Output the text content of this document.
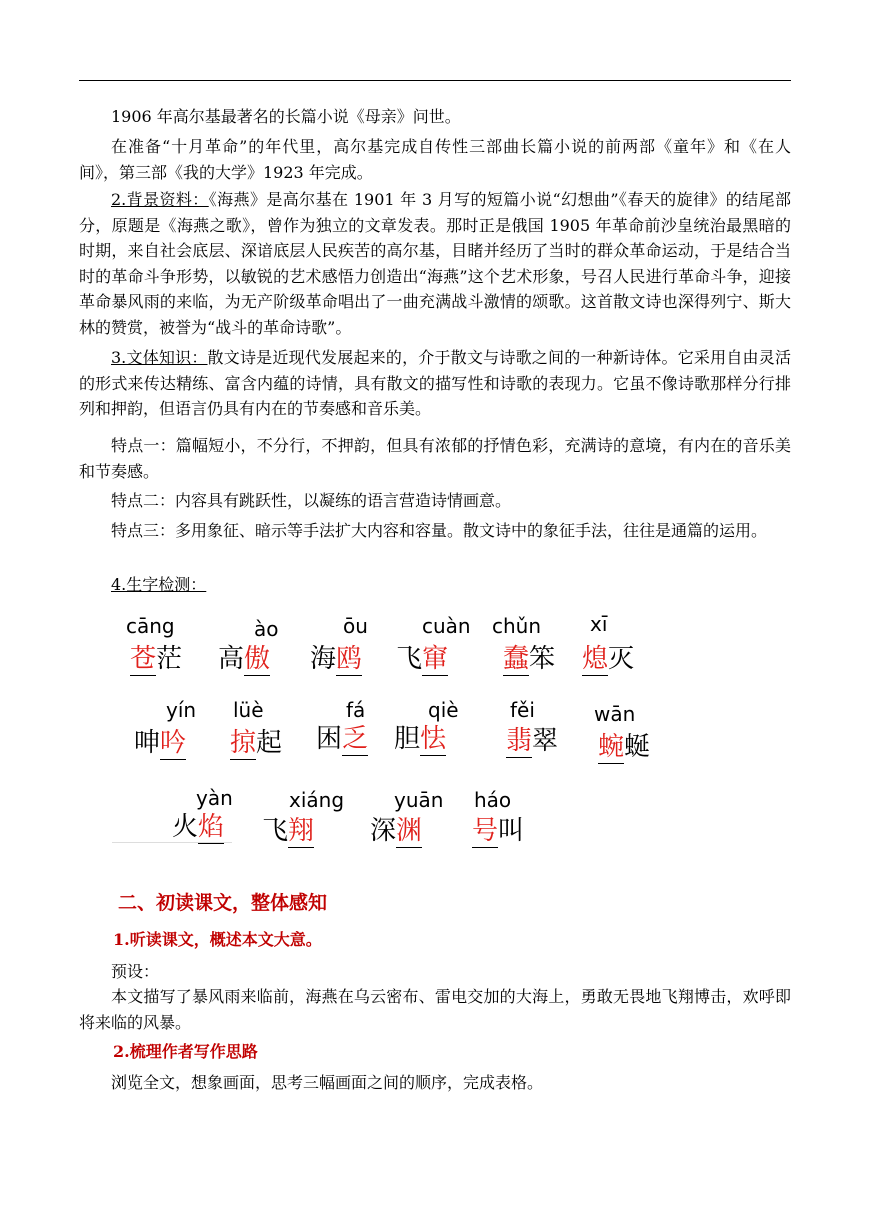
1906 年高尔基最著名的长篇小说《母亲》问世。

在准备“十月革命”的年代里，高尔基完成自传性三部曲长篇小说的前两部《童年》和《在人间》，第三部《我的大学》1923 年完成。

2.背景资料：《海燕》是高尔基在 1901 年 3 月写的短篇小说“幻想曲”《春天的旋律》的结尾部分，原题是《海燕之歌》，曾作为独立的文章发表。那时正是俄国 1905 年革命前沙皇统治最黑暗的时期，来自社会底层、深谙底层人民疾苦的高尔基，目睹并经历了当时的群众革命运动，于是结合当时的革命斗争形势，以敏锐的艺术感悟力创造出“海燕”这个艺术形象，号召人民进行革命斗争，迎接革命暴风雨的来临，为无产阶级革命唱出了一曲充满战斗激情的颂歌。这首散文诗也深得列宁、斯大林的赞赏，被誉为“战斗的革命诗歌”。

3.文体知识：散文诗是近现代发展起来的，介于散文与诗歌之间的一种新诗体。它采用自由灵活的形式来传达精练、富含内蕴的诗情，具有散文的描写性和诗歌的表现力。它虽不像诗歌那样分行排列和押韵，但语言仍具有内在的节奏感和音乐美。

特点一：篇幅短小，不分行，不押韵，但具有浓郁的抒情色彩，充满诗的意境，有内在的音乐美和节奏感。

特点二：内容具有跳跃性，以凝练的语言营造诗情画意。

特点三：多用象征、暗示等手法扩大内容和容量。散文诗中的象征手法，往往是通篇的运用。

4.生字检测：

cāng
苍茫
ào
高傲
ōu
海鸥
cuàn
飞窜
chǔn
蠢笨
xī
熄灭
yín
呻吟
lüè
掠起
fá
困乏
qiè
胆怯
fěi
翡翠
wān
蜿蜒
yàn
火焰
xiáng
飞翔
yuān
深渊
háo
号叫
二、初读课文，整体感知
1.听读课文，概述本文大意。

预设：

本文描写了暴风雨来临前，海燕在乌云密布、雷电交加的大海上，勇敢无畏地飞翔博击，欢呼即将来临的风暴。

2.梳理作者写作思路

浏览全文，想象画面，思考三幅画面之间的顺序，完成表格。
